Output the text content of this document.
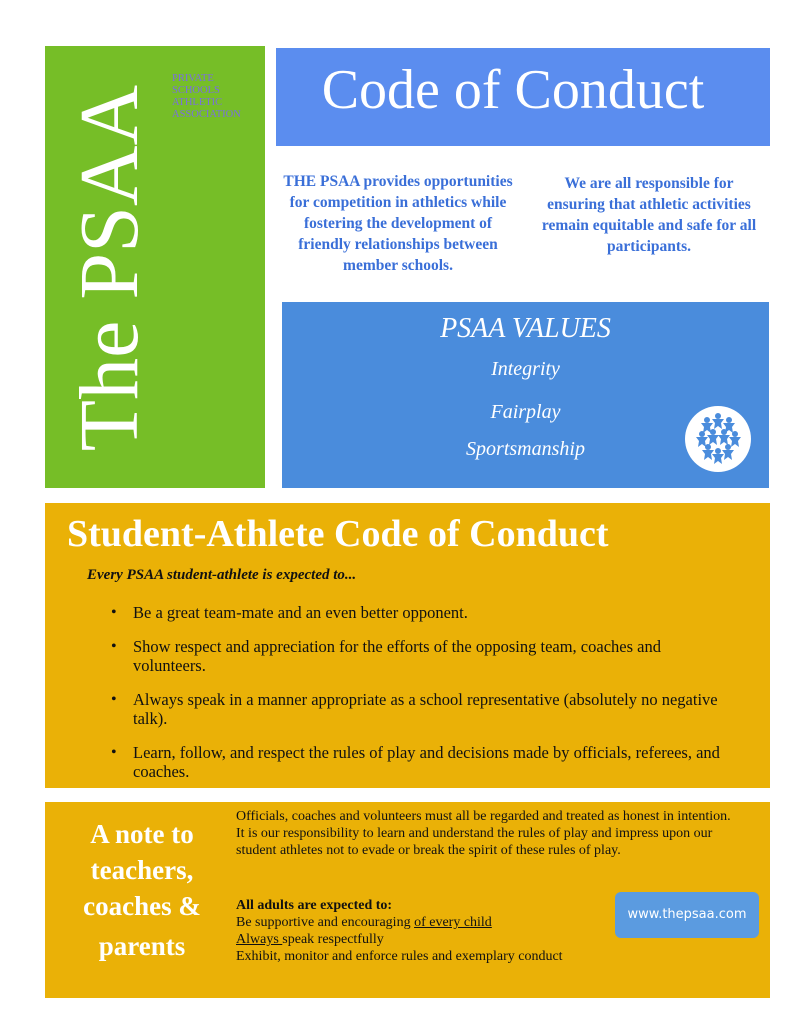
The PSAA
PRIVATE SCHOOLS ATHLETIC ASSOCIATION	Code of Conduct
THE PSAA provides opportunities for competition in athletics while fostering the development of friendly relationships between member schools.
We are all responsible for ensuring that athletic activities remain equitable and safe for all participants.
PSAA VALUES
Integrity
Fairplay
Sportsmanship
Student-Athlete Code of Conduct
Every PSAA student-athlete is expected to...
• Be a great team-mate and an even better opponent.
• Show respect and appreciation for the efforts of the opposing team, coaches and volunteers.
• Always speak in a manner appropriate as a school representative (absolutely no negative talk).
• Learn, follow, and respect the rules of play and decisions made by officials, referees, and coaches.
A note to
teachers,
coaches &

parents
Officials, coaches and volunteers must all be regarded and treated as honest in intention. It is our responsibility to learn and understand the rules of play and impress upon our student athletes not to evade or break the spirit of these rules of play.
All adults are expected to:
Be supportive and encouraging of every child
Always speak respectfully
Exhibit, monitor and enforce rules and exemplary conduct
www.thepsaa.com
